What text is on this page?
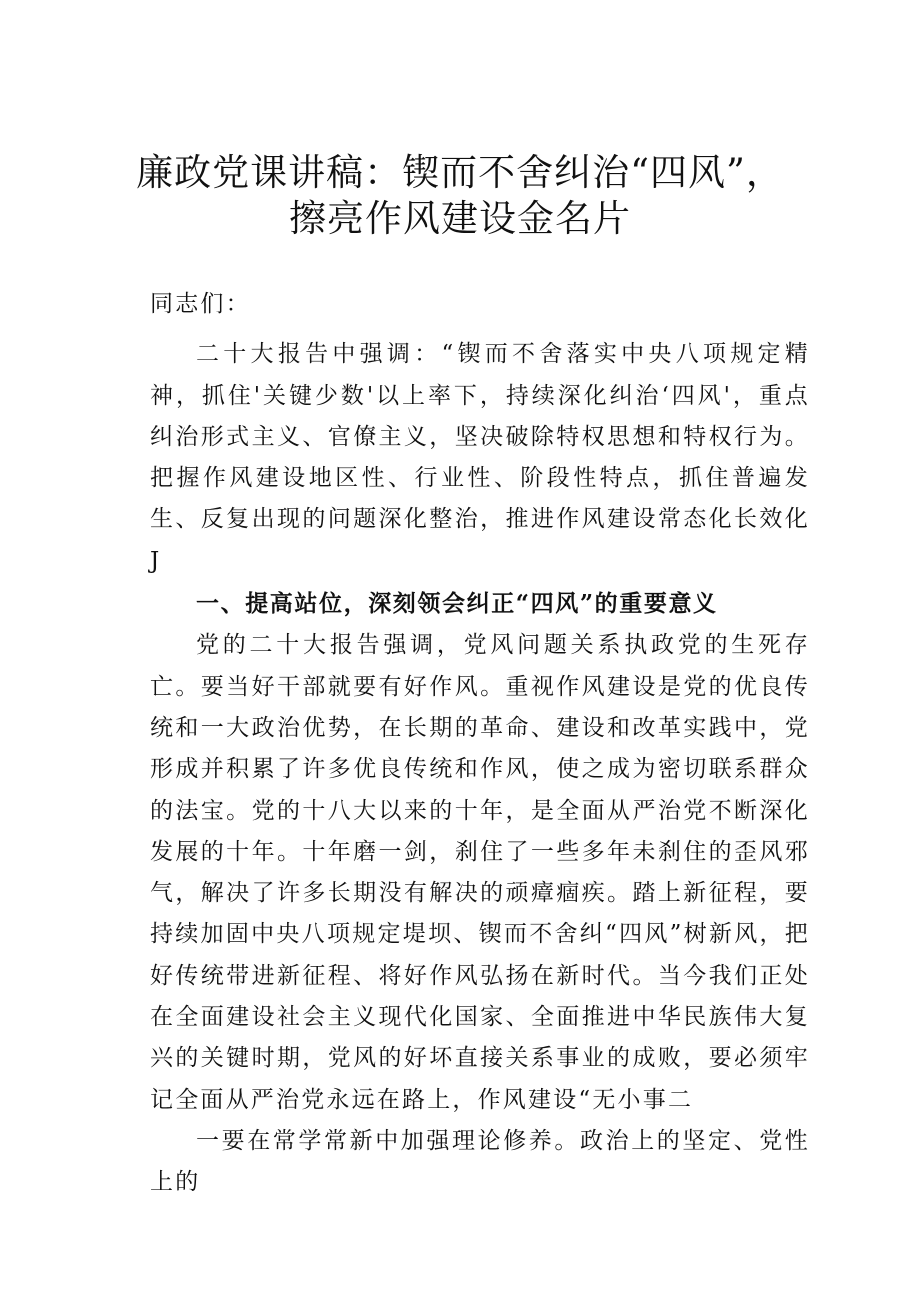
廉政党课讲稿：锲而不舍纠治“四风”，
擦亮作风建设金名片

同志们：

二十大报告中强调：“锲而不舍落实中央八项规定精神，抓住'关键少数'以上率下，持续深化纠治‘四风'，重点纠治形式主义、官僚主义，坚决破除特权思想和特权行为。把握作风建设地区性、行业性、阶段性特点，抓住普遍发生、反复出现的问题深化整治，推进作风建设常态化长效化J

一、提高站位，深刻领会纠正“四风”的重要意义

党的二十大报告强调，党风问题关系执政党的生死存亡。要当好干部就要有好作风。重视作风建设是党的优良传统和一大政治优势，在长期的革命、建设和改革实践中，党形成并积累了许多优良传统和作风，使之成为密切联系群众的法宝。党的十八大以来的十年，是全面从严治党不断深化发展的十年。十年磨一剑，刹住了一些多年未刹住的歪风邪气，解决了许多长期没有解决的顽瘴痼疾。踏上新征程，要持续加固中央八项规定堤坝、锲而不舍纠“四风”树新风，把好传统带进新征程、将好作风弘扬在新时代。当今我们正处在全面建设社会主义现代化国家、全面推进中华民族伟大复兴的关键时期，党风的好坏直接关系事业的成败，要必须牢记全面从严治党永远在路上，作风建设“无小事二

一要在常学常新中加强理论修养。政治上的坚定、党性上的
